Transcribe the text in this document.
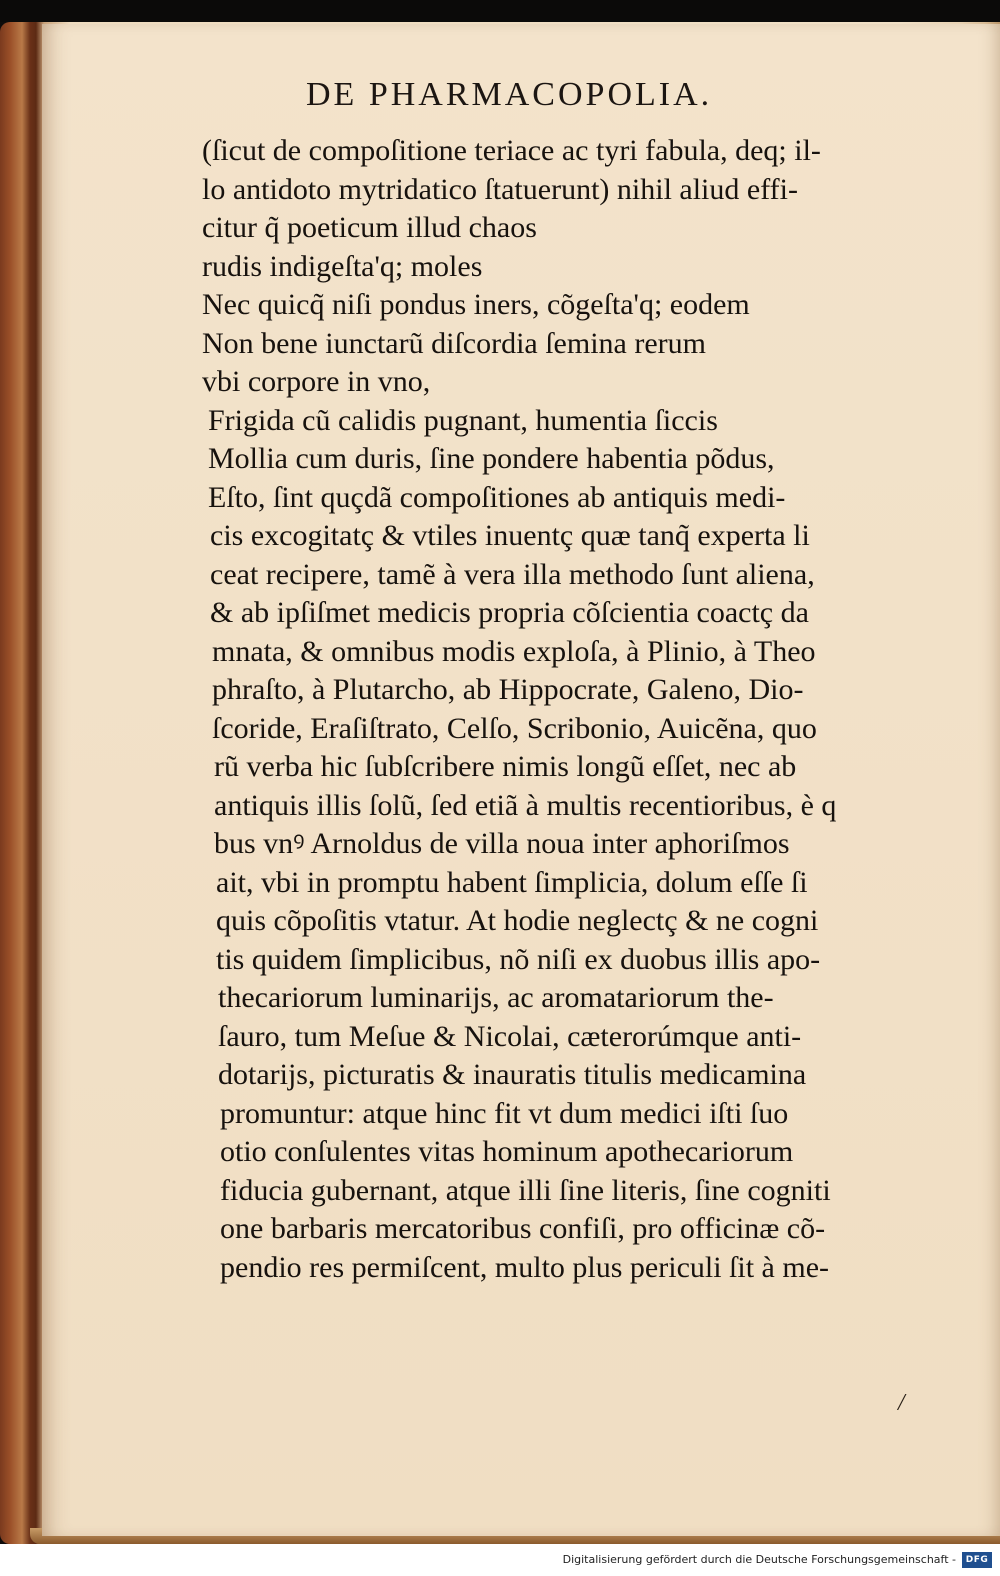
DE PHARMACOPOLIA.
(ſicut de compoſitione teriace ac tyri fabula, deq; il-
lo antidoto mytridatico ſtatuerunt) nihil aliud effi-
citur q̃ poeticum illud chaos
rudis indigeſta'q; moles
Nec quicq̃ niſi pondus iners, cõgeſta'q; eodem
Non bene iunctarũ diſcordia ſemina rerum
vbi corpore in vno,
Frigida cũ calidis pugnant, humentia ſiccis
Mollia cum duris, ſine pondere habentia põdus,
Eſto, ſint quçdã compoſitiones ab antiquis medi-
cis excogitatç & vtiles inuentç quæ tanq̃ experta li
ceat recipere, tamẽ à vera illa methodo ſunt aliena,
& ab ipſiſmet medicis propria cõſcientia coactç da
mnata, & omnibus modis exploſa, à Plinio, à Theo
phraſto, à Plutarcho, ab Hippocrate, Galeno, Dio-
ſcoride, Eraſiſtrato, Celſo, Scribonio, Auicẽna, quo
rũ verba hic ſubſcribere nimis longũ eſſet, nec ab
antiquis illis ſolũ, ſed etiã à multis recentioribus, è q
bus vnꝰ Arnoldus de villa noua inter aphoriſmos
ait, vbi in promptu habent ſimplicia, dolum eſſe ſi
quis cõpoſitis vtatur. At hodie neglectç & ne cogni
tis quidem ſimplicibus, nõ niſi ex duobus illis apo-
thecariorum luminarijs, ac aromatariorum the-
ſauro, tum Meſue & Nicolai, cæterorúmque anti-
dotarijs, picturatis & inauratis titulis medicamina
promuntur: atque hinc fit vt dum medici iſti ſuo
otio conſulentes vitas hominum apothecariorum
fiducia gubernant, atque illi ſine literis, ſine cogniti
one barbaris mercatoribus confiſi, pro officinæ cõ-
pendio res permiſcent, multo plus periculi ſit à me-
/
Digitalisierung gefördert durch die Deutsche Forschungsgemeinschaft -	DFG
